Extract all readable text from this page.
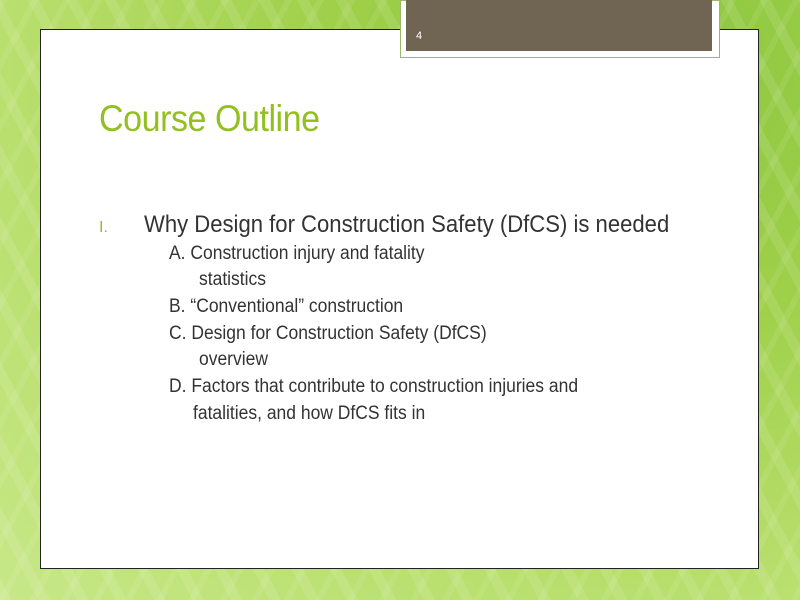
4
Course Outline
I. Why Design for Construction Safety (DfCS) is needed
A. Construction injury and fatality
statistics
B. “Conventional” construction
C. Design for Construction Safety (DfCS)
overview
D. Factors that contribute to construction injuries and
fatalities, and how DfCS fits in
